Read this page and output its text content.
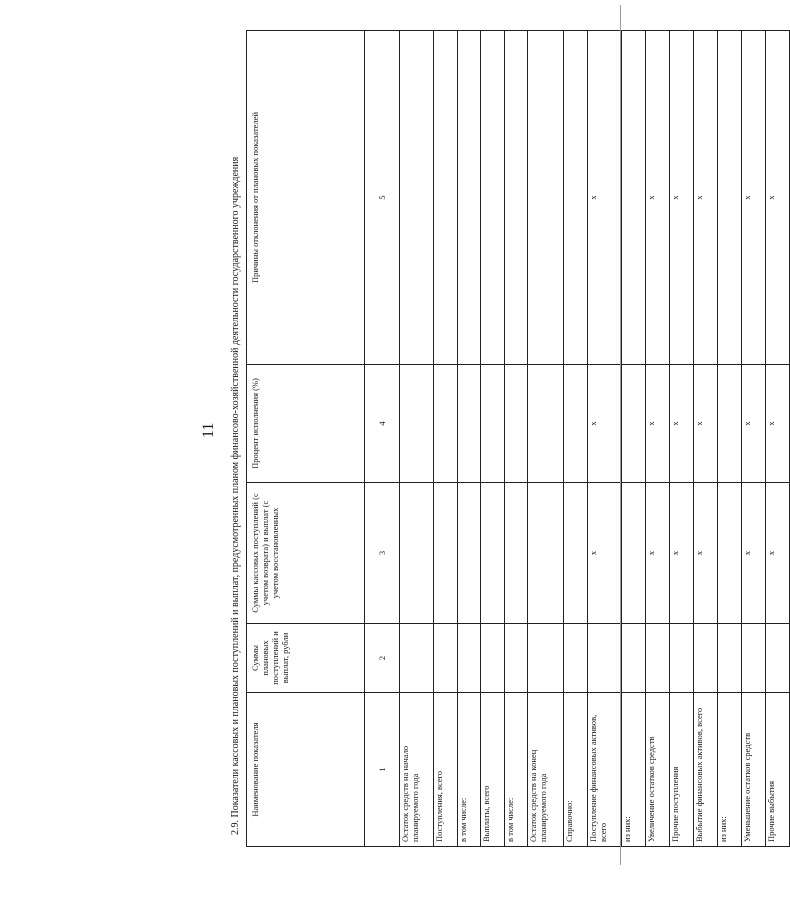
11 2.9. Показатели кассовых и плановых поступлений и выплат, предусмотренных планом финансово-хозяйственной деятельности государственного учреждения Наименование показателя	Суммы плановых поступлений и выплат, рубли	Суммы кассовых поступлений (с учетом возврата) и выплат (с учетом восстановленных	Процент исполнения (%)	Причины отклонения от плановых показателей
1	2	3	4	5
Остаток средств на начало планируемого года				
Поступления, всего				
в том числе:				
Выплаты, всего				
в том числе:				
Остаток средств на конец планируемого года				
Справочно:				
Поступление финансовых активов, всего		x	x	x
из них:				
Увеличение остатков средств		x	x	x
Прочие поступления		x	x	x
Выбытие финансовых активов, всего		x	x	x
из них:				
Уменьшение остатков средств		x	x	x
Прочие выбытия		x	x	x
